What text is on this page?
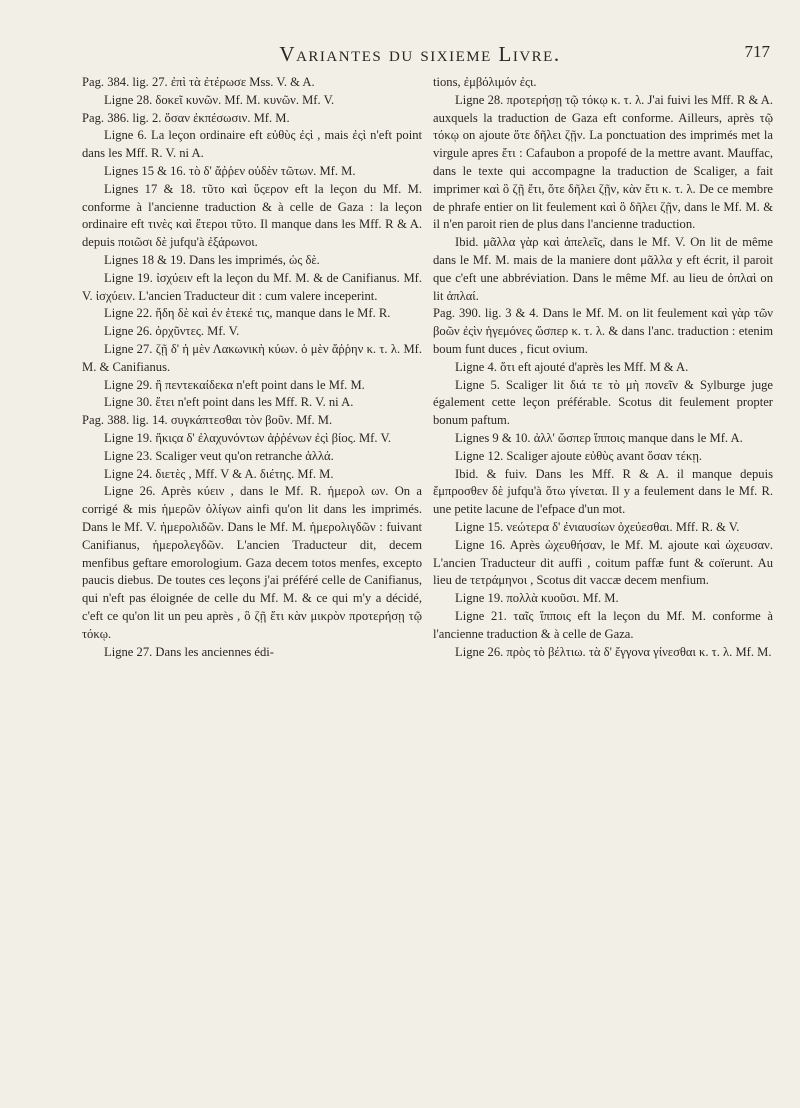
Variantes du sixieme Livre.	717

Pag. 384. lig. 27. ἐπὶ τὰ ἐτέρωσε Mss. V. & A.

Ligne 28. δοκεῖ κυνῶν. Mf. M. κυνῶν. Mf. V.

Pag. 386. lig. 2. ὅσαν ἐκπέσωσιν. Mf. M.

Ligne 6. La leçon ordinaire eft εὐθὺς ἐςὶ , mais ἐςὶ n'eft point dans les Mff. R. V. ni A.

Lignes 15 & 16. τὸ δ' ἄῤῥεν οὐδὲν τῶτων. Mf. M.

Lignes 17 & 18. τῦτο καὶ ὕςερον eft la leçon du Mf. M. conforme à l'ancienne traduction & à celle de Gaza : la leçon ordinaire eft τινὲς καὶ ἕτεροι τῦτο. Il manque dans les Mff. R & A. depuis ποιῶσι δὲ jufqu'à ἐξάρωνοι.

Lignes 18 & 19. Dans les imprimés, ὡς δὲ.

Ligne 19. ἰσχύειν eft la leçon du Mf. M. & de Canifianus. Mf. V. ἰσχύειν. L'ancien Traducteur dit : cum valere inceperint.

Ligne 22. ἤδη δὲ καὶ ἐν ἑτεκέ τις, manque dans le Mf. R.

Ligne 26. ὀρχῦντες. Mf. V.

Ligne 27. ζῇ δ' ἡ μὲν Λακωνικὴ κύων. ὁ μὲν ἄῤῥην κ. τ. λ. Mf. M. & Canifianus.

Ligne 29. ἢ πεντεκαίδεκα n'eft point dans le Mf. M.

Ligne 30. ἔτει n'eft point dans les Mff. R. V. ni A.

Pag. 388. lig. 14. συγκάπτεσθαι τὸν βοῦν. Mf. M.

Ligne 19. ἥκιςα δ' ἐλαχυνόντων ἀῤῥένων ἐςὶ βίος. Mf. V.

Ligne 23. Scaliger veut qu'on retranche ἀλλά.

Ligne 24. διετὲς , Mff. V & A. διέτης. Mf. M.

Ligne 26. Après κύειν , dans le Mf. R. ἡμερολ ων. On a corrigé & mis ἡμερῶν ὀλίγων ainfi qu'on lit dans les imprimés. Dans le Mf. V. ἡμερολιδῶν. Dans le Mf. M. ἡμερολιγδῶν : fuivant Canifianus, ἡμερολεγδῶν. L'ancien Traducteur dit, decem menfibus geftare emorologium. Gaza decem totos menfes, excepto paucis diebus. De toutes ces leçons j'ai préféré celle de Canifianus, qui n'eft pas éloignée de celle du Mf. M. & ce qui m'y a décidé, c'eft ce qu'on lit un peu après , ὃ ζῇ ἔτι κὰν μικρὸν προτερήσῃ τῷ τόκῳ.

Ligne 27. Dans les anciennes édi-

tions, ἐμβόλιμόν ἐςι.

Ligne 28. προτερήσῃ τῷ τόκῳ κ. τ. λ. J'ai fuivi les Mff. R & A. auxquels la traduction de Gaza eft conforme. Ailleurs, après τῷ τόκῳ on ajoute ὅτε δῆλει ζῇν. La ponctuation des imprimés met la virgule apres ἔτι : Cafaubon a propofé de la mettre avant. Mauffac, dans le texte qui accompagne la traduction de Scaliger, a fait imprimer καὶ ὃ ζῇ ἔτι, ὅτε δῆλει ζῇν, κὰν ἔτι κ. τ. λ. De ce membre de phrafe entier on lit feulement καὶ ὃ δῆλει ζῇν, dans le Mf. M. & il n'en paroit rien de plus dans l'ancienne traduction.

Ibid. μᾶλλα γὰρ καὶ ἀπελεῖς, dans le Mf. V. On lit de même dans le Mf. M. mais de la maniere dont μᾶλλα y eft écrit, il paroit que c'eft une abbréviation. Dans le même Mf. au lieu de ὀπλαὶ on lit ἀπλαί.

Pag. 390. lig. 3 & 4. Dans le Mf. M. on lit feulement καὶ γὰρ τῶν βοῶν ἐςὶν ἡγεμόνες ὥσπερ κ. τ. λ. & dans l'anc. traduction : etenim boum funt duces , ficut ovium.

Ligne 4. ὅτι eft ajouté d'après les Mff. M & A.

Ligne 5. Scaliger lit διά τε τὸ μὴ πονεῖν & Sylburge juge également cette leçon préférable. Scotus dit feulement propter bonum paftum.

Lignes 9 & 10. ἀλλ' ὥσπερ ἵπποις manque dans le Mf. A.

Ligne 12. Scaliger ajoute εὐθὺς avant ὅσαν τέκῃ.

Ibid. & fuiv. Dans les Mff. R & A. il manque depuis ἔμπροσθεν δὲ jufqu'à ὅτω γίνεται. Il y a feulement dans le Mf. R. une petite lacune de l'efpace d'un mot.

Ligne 15. νεώτερα δ' ἐνιαυσίων ὀχεύεσθαι. Mff. R. & V.

Ligne 16. Après ὠχευθήσαν, le Mf. M. ajoute καὶ ὠχευσαν. L'ancien Traducteur dit auffi , coitum paffæ funt & coïerunt. Au lieu de τετράμηνοι , Scotus dit vaccæ decem menfium.

Ligne 19. πολλὰ κυοῦσι. Mf. M.

Ligne 21. ταῖς ἵπποις eft la leçon du Mf. M. conforme à l'ancienne traduction & à celle de Gaza.

Ligne 26. πρὸς τὸ βέλτιω. τὰ δ' ἔγγονα γίνεσθαι κ. τ. λ. Mf. M.
